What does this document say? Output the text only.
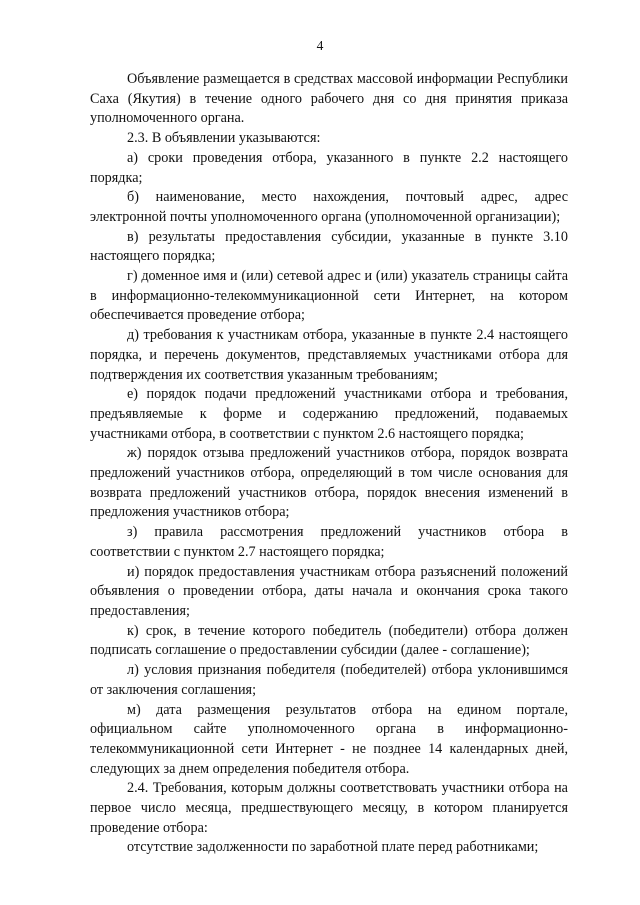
4

Объявление размещается в средствах массовой информации Республики Саха (Якутия) в течение одного рабочего дня со дня принятия приказа уполномоченного органа.

2.3. В объявлении указываются:

а) сроки проведения отбора, указанного в пункте 2.2 настоящего порядка;

б) наименование, место нахождения, почтовый адрес, адрес электронной почты уполномоченного органа (уполномоченной организации);

в) результаты предоставления субсидии, указанные в пункте 3.10 настоящего порядка;

г) доменное имя и (или) сетевой адрес и (или) указатель страницы сайта в информационно-телекоммуникационной сети Интернет, на котором обеспечивается проведение отбора;

д) требования к участникам отбора, указанные в пункте 2.4 настоящего порядка, и перечень документов, представляемых участниками отбора для подтверждения их соответствия указанным требованиям;

е) порядок подачи предложений участниками отбора и требования, предъявляемые к форме и содержанию предложений, подаваемых участниками отбора, в соответствии с пунктом 2.6 настоящего порядка;

ж) порядок отзыва предложений участников отбора, порядок возврата предложений участников отбора, определяющий в том числе основания для возврата предложений участников отбора, порядок внесения изменений в предложения участников отбора;

з) правила рассмотрения предложений участников отбора в соответствии с пунктом 2.7 настоящего порядка;

и) порядок предоставления участникам отбора разъяснений положений объявления о проведении отбора, даты начала и окончания срока такого предоставления;

к) срок, в течение которого победитель (победители) отбора должен подписать соглашение о предоставлении субсидии (далее - соглашение);

л) условия признания победителя (победителей) отбора уклонившимся от заключения соглашения;

м) дата размещения результатов отбора на едином портале, официальном сайте уполномоченного органа в информационно-телекоммуникационной сети Интернет - не позднее 14 календарных дней, следующих за днем определения победителя отбора.

2.4. Требования, которым должны соответствовать участники отбора на первое число месяца, предшествующего месяцу, в котором планируется проведение отбора:

отсутствие задолженности по заработной плате перед работниками;
